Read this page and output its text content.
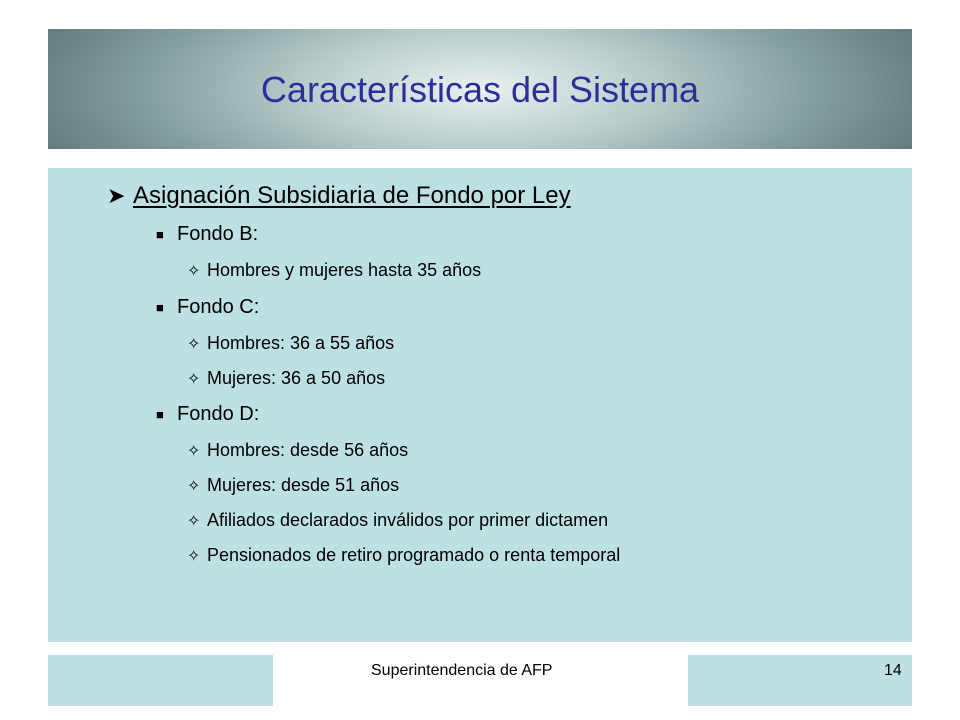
Características del Sistema
➤ Asignación Subsidiaria de Fondo por Ley
■ Fondo B:
✧ Hombres y mujeres hasta 35 años
■ Fondo C:
✧ Hombres: 36 a 55 años
✧ Mujeres: 36 a 50 años
■ Fondo D:
✧ Hombres: desde 56 años
✧ Mujeres: desde 51 años
✧ Afiliados declarados inválidos por primer dictamen
✧ Pensionados de retiro programado o renta temporal
Superintendencia de AFP	14
